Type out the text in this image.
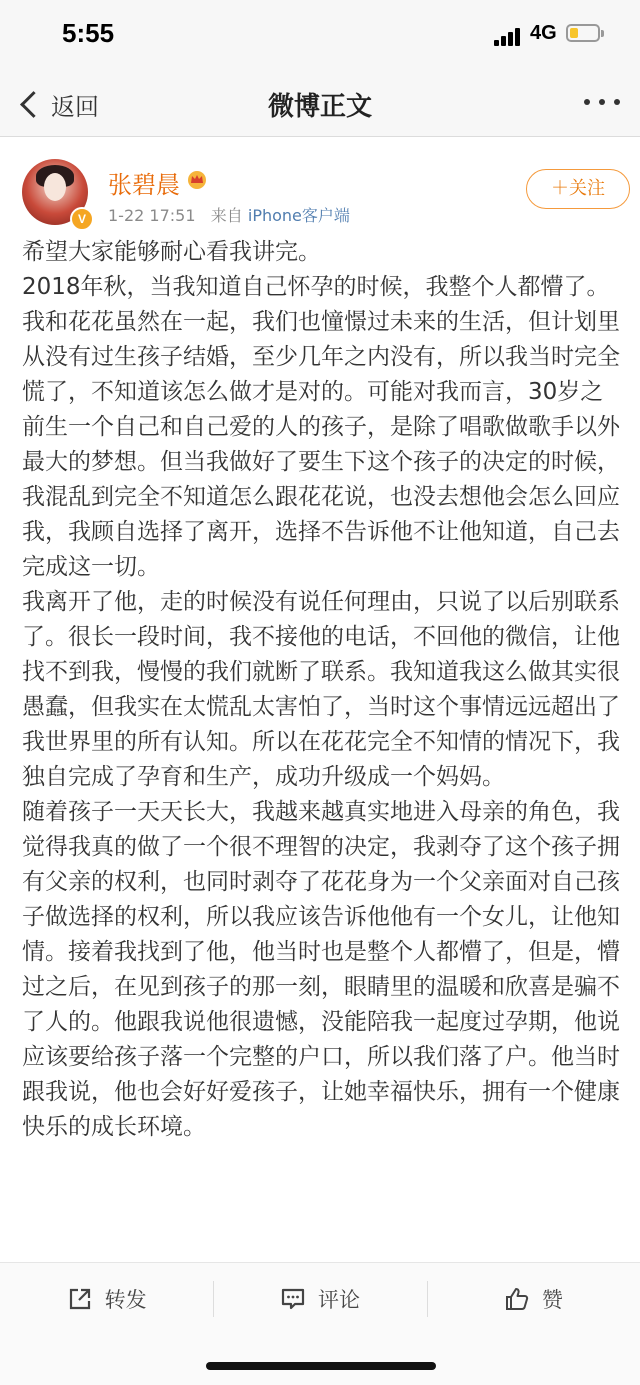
5:55	4G
返回	微博正文
V
张碧晨
1-22 17:51 来自 iPhone客户端
＋关注

希望大家能够耐心看我讲完。

2018年秋，当我知道自己怀孕的时候，我整个人都懵了。我和花花虽然在一起，我们也憧憬过未来的生活，但计划里从没有过生孩子结婚，至少几年之内没有，所以我当时完全慌了，不知道该怎么做才是对的。可能对我而言，30岁之前生一个自己和自己爱的人的孩子，是除了唱歌做歌手以外最大的梦想。但当我做好了要生下这个孩子的决定的时候，我混乱到完全不知道怎么跟花花说，也没去想他会怎么回应我，我顾自选择了离开，选择不告诉他不让他知道，自己去完成这一切。

我离开了他，走的时候没有说任何理由，只说了以后别联系了。很长一段时间，我不接他的电话，不回他的微信，让他找不到我，慢慢的我们就断了联系。我知道我这么做其实很愚蠢，但我实在太慌乱太害怕了，当时这个事情远远超出了我世界里的所有认知。所以在花花完全不知情的情况下，我独自完成了孕育和生产，成功升级成一个妈妈。

随着孩子一天天长大，我越来越真实地进入母亲的角色，我觉得我真的做了一个很不理智的决定，我剥夺了这个孩子拥有父亲的权利，也同时剥夺了花花身为一个父亲面对自己孩子做选择的权利，所以我应该告诉他他有一个女儿，让他知情。接着我找到了他，他当时也是整个人都懵了，但是，懵过之后，在见到孩子的那一刻，眼睛里的温暖和欣喜是骗不了人的。他跟我说他很遗憾，没能陪我一起度过孕期，他说应该要给孩子落一个完整的户口，所以我们落了户。他当时跟我说，他也会好好爱孩子，让她幸福快乐，拥有一个健康快乐的成长环境。

转发	评论	赞
